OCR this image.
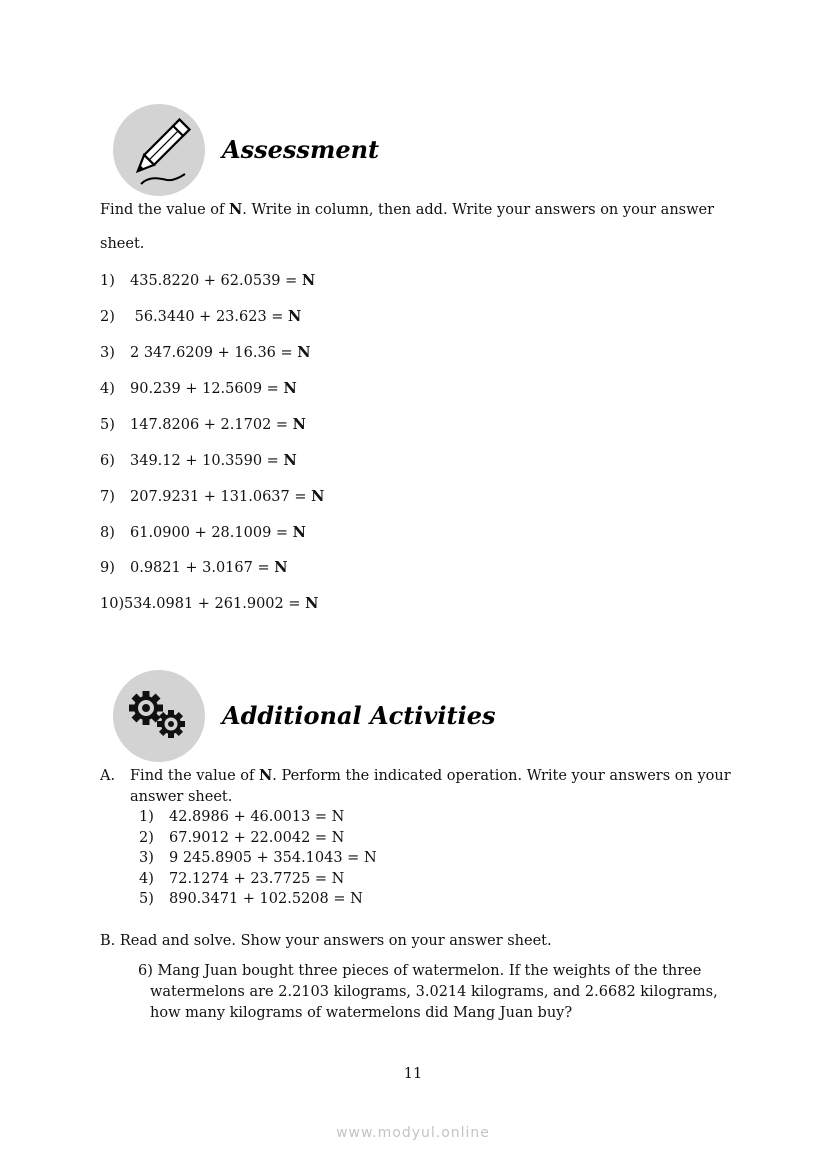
Assessment
Find the value of N. Write in column, then add. Write your answers on your answer
sheet.
1) 435.8220 + 62.0539 = N
2) 56.3440 + 23.623 = N
3) 2 347.6209 + 16.36 = N
4) 90.239 + 12.5609 = N
5) 147.8206 + 2.1702 = N
6) 349.12 + 10.3590 = N
7) 207.9231 + 131.0637 = N
8) 61.0900 + 28.1009 = N
9) 0.9821 + 3.0167 = N
10) 534.0981 + 261.9002 = N
Additional Activities
A. Find the value of N. Perform the indicated operation. Write your answers on your
answer sheet.
1) 42.8986 + 46.0013 = N
2) 67.9012 + 22.0042 = N
3) 9 245.8905 + 354.1043 = N
4) 72.1274 + 23.7725 = N
5) 890.3471 + 102.5208 = N
B. Read and solve. Show your answers on your answer sheet.
6) Mang Juan bought three pieces of watermelon. If the weights of the three
watermelons are 2.2103 kilograms, 3.0214 kilograms, and 2.6682 kilograms,
how many kilograms of watermelons did Mang Juan buy?
11
www.modyul.online
